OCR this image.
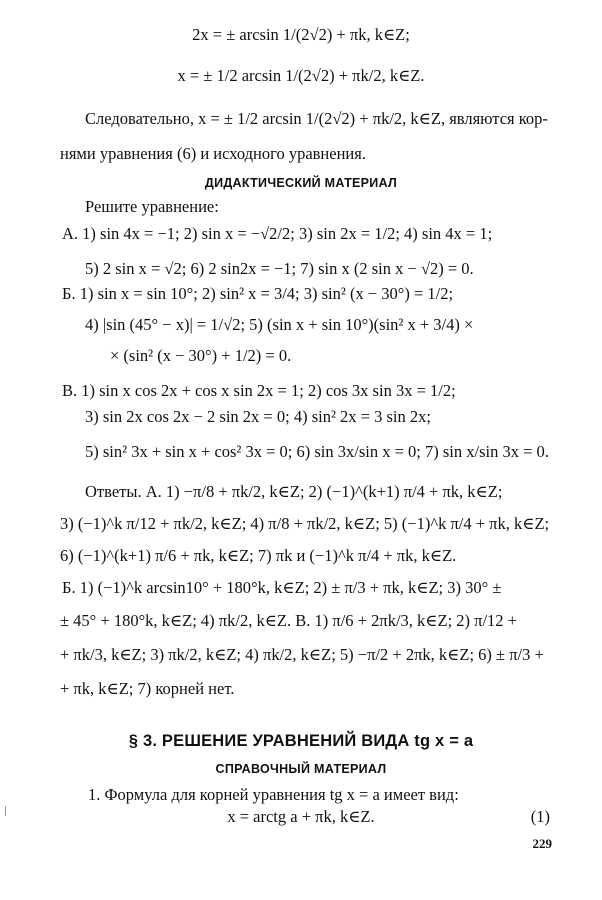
2x = ± arcsin 1/(2√2) + πk, k∈Z;
x = ± 1/2 arcsin 1/(2√2) + πk/2, k∈Z.
Следовательно, x = ± 1/2 arcsin 1/(2√2) + πk/2, k∈Z, являются кор-
нями уравнения (6) и исходного уравнения.
ДИДАКТИЧЕСКИЙ МАТЕРИАЛ
Решите уравнение:
А. 1) sin 4x = −1; 2) sin x = −√2/2; 3) sin 2x = 1/2; 4) sin 4x = 1;
5) 2 sin x = √2; 6) 2 sin2x = −1; 7) sin x (2 sin x − √2) = 0.
Б. 1) sin x = sin 10°; 2) sin² x = 3/4; 3) sin² (x − 30°) = 1/2;
4) |sin (45° − x)| = 1/√2; 5) (sin x + sin 10°)(sin² x + 3/4) ×
× (sin² (x − 30°) + 1/2) = 0.
В. 1) sin x cos 2x + cos x sin 2x = 1; 2) cos 3x sin 3x = 1/2;
3) sin 2x cos 2x − 2 sin 2x = 0; 4) sin² 2x = 3 sin 2x;
5) sin² 3x + sin x + cos² 3x = 0; 6) sin 3x/sin x = 0; 7) sin x/sin 3x = 0.
Ответы. А. 1) −π/8 + πk/2, k∈Z; 2) (−1)^(k+1) π/4 + πk, k∈Z;
3) (−1)^k π/12 + πk/2, k∈Z; 4) π/8 + πk/2, k∈Z; 5) (−1)^k π/4 + πk, k∈Z;
6) (−1)^(k+1) π/6 + πk, k∈Z; 7) πk и (−1)^k π/4 + πk, k∈Z.
Б. 1) (−1)^k arcsin10° + 180°k, k∈Z; 2) ± π/3 + πk, k∈Z; 3) 30° ±
± 45° + 180°k, k∈Z; 4) πk/2, k∈Z. В. 1) π/6 + 2πk/3, k∈Z; 2) π/12 +
+ πk/3, k∈Z; 3) πk/2, k∈Z; 4) πk/2, k∈Z; 5) −π/2 + 2πk, k∈Z; 6) ± π/3 +
+ πk, k∈Z; 7) корней нет.
§ 3. РЕШЕНИЕ УРАВНЕНИЙ ВИДА tg x = a
СПРАВОЧНЫЙ МАТЕРИАЛ
1. Формула для корней уравнения tg x = a имеет вид:
x = arctg a + πk, k∈Z.	(1)
229
